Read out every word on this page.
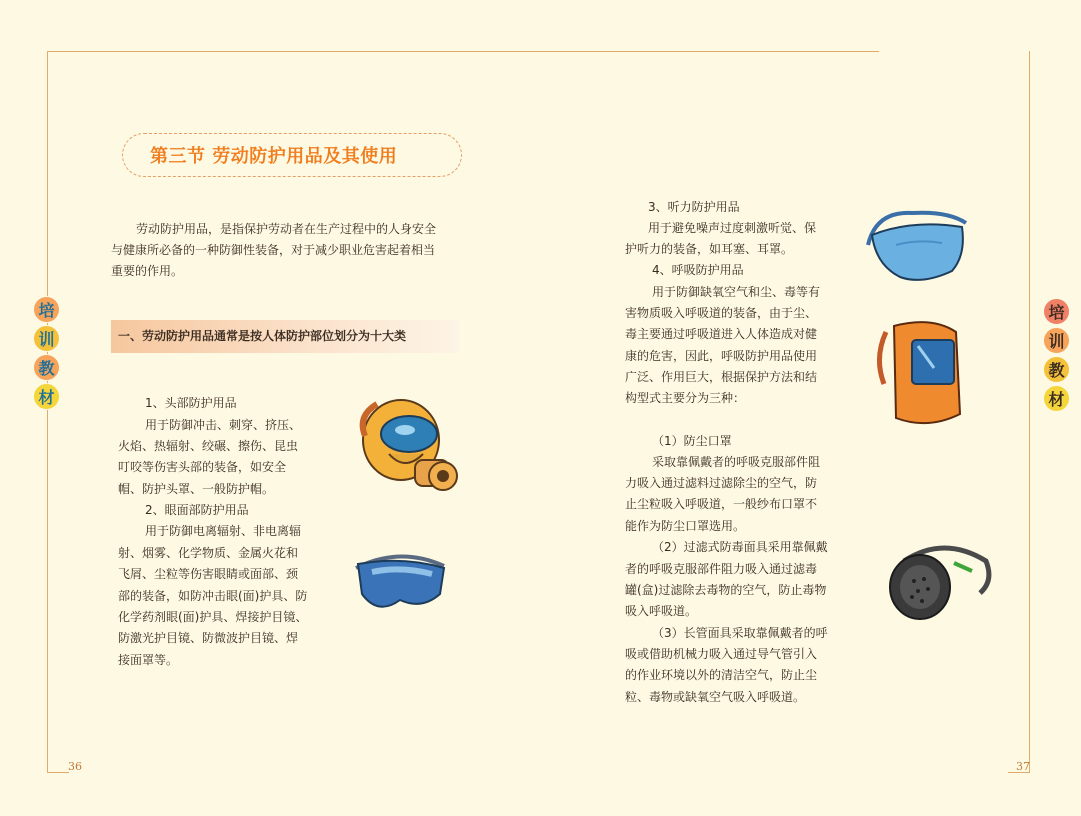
培
训
教
材
培
训
教
材
第三节 劳动防护用品及其使用
劳动防护用品，是指保护劳动者在生产过程中的人身安全
与健康所必备的一种防御性装备，对于减少职业危害起着相当
重要的作用。
一、劳动防护用品通常是按人体防护部位划分为十大类
1、头部防护用品
用于防御冲击、刺穿、挤压、
火焰、热辐射、绞碾、擦伤、昆虫
叮咬等伤害头部的装备，如安全
帽、防护头罩、一般防护帽。
2、眼面部防护用品
用于防御电离辐射、非电离辐
射、烟雾、化学物质、金属火花和
飞屑、尘粒等伤害眼睛或面部、颈
部的装备，如防冲击眼(面)护具、防
化学药剂眼(面)护具、焊接护目镜、
防激光护目镜、防微波护目镜、焊
接面罩等。
3、听力防护用品
用于避免噪声过度刺激听觉、保
护听力的装备，如耳塞、耳罩。
4、呼吸防护用品
用于防御缺氧空气和尘、毒等有
害物质吸入呼吸道的装备，由于尘、
毒主要通过呼吸道进入人体造成对健
康的危害，因此，呼吸防护用品使用
广泛、作用巨大，根据保护方法和结
构型式主要分为三种：
（1）防尘口罩
采取靠佩戴者的呼吸克服部件阻
力吸入通过滤料过滤除尘的空气，防
止尘粒吸入呼吸道，一般纱布口罩不
能作为防尘口罩选用。
（2）过滤式防毒面具采用靠佩戴
者的呼吸克服部件阻力吸入通过滤毒
罐(盒)过滤除去毒物的空气，防止毒物
吸入呼吸道。
（3）长管面具采取靠佩戴者的呼
吸或借助机械力吸入通过导气管引入
的作业环境以外的清洁空气，防止尘
粒、毒物或缺氧空气吸入呼吸道。
36	37
